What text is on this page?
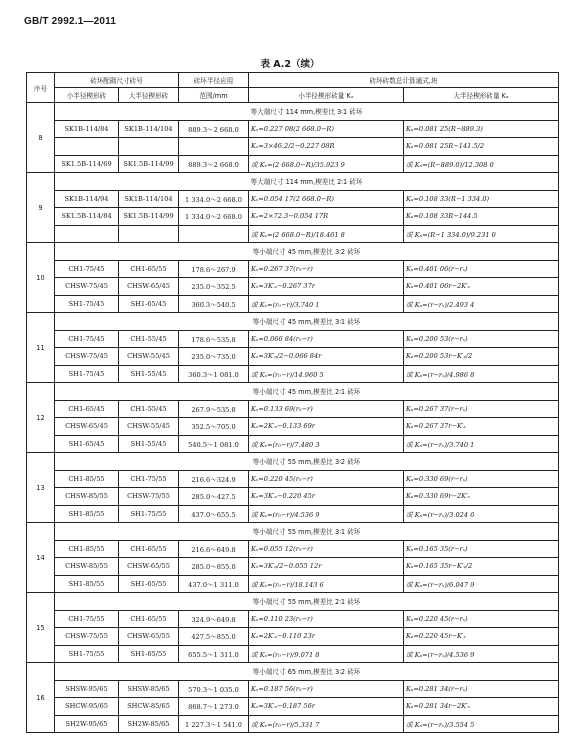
GB/T 2992.1—2011
表 A.2（续）
序号	砖环配砌尺寸砖号		砖环半径应用	砖环砖数总计算通式,块	
	小半径楔形砖	大半径楔形砖	范围/mm	小半径楔形砖量 Kₓ	大半径楔形砖量 Kₐ
8	等大端尺寸 114 mm,楔差比 3∶1 砖环				
	SK1B-114/84	SK1B-114/104	889.3～2 668.0	Kₓ=0.227 08(2 668.0−R)	Kₐ=0.081 25(R−889.3)
				Kₓ=3×46.2/2−0.227 08R	Kₐ=0.081 25R−141.5/2
	SK1.5B-114/69	SK1.5B-114/99	889.3～2 668.0	或 Kₓ=(2 668.0−R)/35.923 9	或 Kₐ=(R−889.0)/12.308 0
9	等大端尺寸 114 mm,楔差比 2∶1 砖环				
	SK1B-114/94	SK1B-114/104	1 334.0～2 668.0	Kₓ=0.054 17(2 668.0−R)	Kₐ=0.108 33(R−1 334.0)
	SK1.5B-114/84	SK1.5B-114/99	1 334.0～2 668.0	Kₓ=2×72.3−0.054 17R	Kₐ=0.108 33R−144.5
				或 Kₓ=(2 668.0−R)/18.461 8	或 Kₐ=(R−1 334.0)/9.231 0
10	等小端尺寸 45 mm,楔差比 3∶2 砖环				
	CH1-75/45	CH1-65/55	178.6～267.9	Kₓ=0.267 37(r₀−r)	Kₐ=0.401 06(r−rₓ)
	CHSW-75/45	CHSW-65/45	235.0～352.5	Kₓ=3K′ₐ−0.267 37r	Kₐ=0.401 06r−2K′ₓ
	SH1-75/45	SH1-65/45	360.3～540.5	或 Kₓ=(r₀−r)/3.740 1	或 Kₐ=(r−rₓ)/2.493 4
11	等小端尺寸 45 mm,楔差比 3∶1 砖环				
	CH1-75/45	CH1-55/45	178.6～535.8	Kₓ=0.066 84(r₀−r)	Kₐ=0.200 53(r−rₓ)
	CHSW-75/45	CHSW-55/45	235.0～735.0	Kₓ=3K′ₐ/2−0.066 84r	Kₐ=0.200 53r−K′ₓ/2
	SH1-75/45	SH1-55/45	360.3～1 081.0	或 Kₓ=(r₀−r)/14.960 5	或 Kₐ=(r−rₓ)/4.986 8
12	等小端尺寸 45 mm,楔差比 2∶1 砖环				
	CH1-65/45	CH1-55/45	267.9～535.8	Kₓ=0.133 69(r₀−r)	Kₐ=0.267 37(r−rₓ)
	CHSW-65/45	CHSW-55/45	352.5～705.0	Kₓ=2K′ₐ−0.133 69r	Kₐ=0.267 37r−K′ₓ
	SH1-65/45	SH1-55/45	540.5～1 081.0	或 Kₓ=(r₀−r)/7.480 3	或 Kₐ=(r−rₓ)/3.740 1
13	等小端尺寸 55 mm,楔差比 3∶2 砖环				
	CH1-85/55	CH1-75/55	216.6～324.9	Kₓ=0.220 45(r₀−r)	Kₐ=0.330 69(r−rₓ)
	CHSW-85/55	CHSW-75/55	285.0～427.5	Kₓ=3K′ₐ−0.220 45r	Kₐ=0.330 69r−2K′ₓ
	SH1-85/55	SH1-75/55	437.0～655.5	或 Kₓ=(r₀−r)/4.536 9	或 Kₐ=(r−rₓ)/3.024 6
14	等小端尺寸 55 mm,楔差比 3∶1 砖环				
	CH1-85/55	CH1-65/55	216.6～649.8	Kₓ=0.055 12(r₀−r)	Kₐ=0.165 35(r−rₓ)
	CHSW-85/55	CHSW-65/55	285.0～855.0	Kₓ=3K′ₐ/2−0.055 12r	Kₐ=0.165 35r−K′ₓ/2
	SH1-85/55	SH1-65/55	437.0～1 311.0	或 Kₓ=(r₀−r)/18.143 6	或 Kₐ=(r−rₓ)/6.047 9
15	等小端尺寸 55 mm,楔差比 2∶1 砖环				
	CH1-75/55	CH1-65/55	324.9～649.8	Kₓ=0.110 23(r₀−r)	Kₐ=0.220 45(r−rₓ)
	CHSW-75/55	CHSW-65/55	427.5～855.0	Kₓ=2K′ₐ−0.110 23r	Kₐ=0.220 45r−K′ₓ
	SH1-75/55	SH1-65/55	655.5～1 311.0	或 Kₓ=(r₀−r)/9.071 8	或 Kₐ=(r−rₓ)/4.536 9
16	等小端尺寸 65 mm,楔差比 3∶2 砖环				
	SHSW-95/65	SHSW-85/65	570.3～1 035.0	Kₓ=0.187 56(r₀−r)	Kₐ=0.281 34(r−rₓ)
	SHCW-95/65	SHCW-85/65	868.7～1 273.0	Kₓ=3K′ₐ−0.187 56r	Kₐ=0.281 34r−2K′ₓ
	SH2W-95/65	SH2W-85/65	1 227.3～1 541.0	或 Kₓ=(r₀−r)/5.331 7	或 Kₐ=(r−rₓ)/3.554 5
